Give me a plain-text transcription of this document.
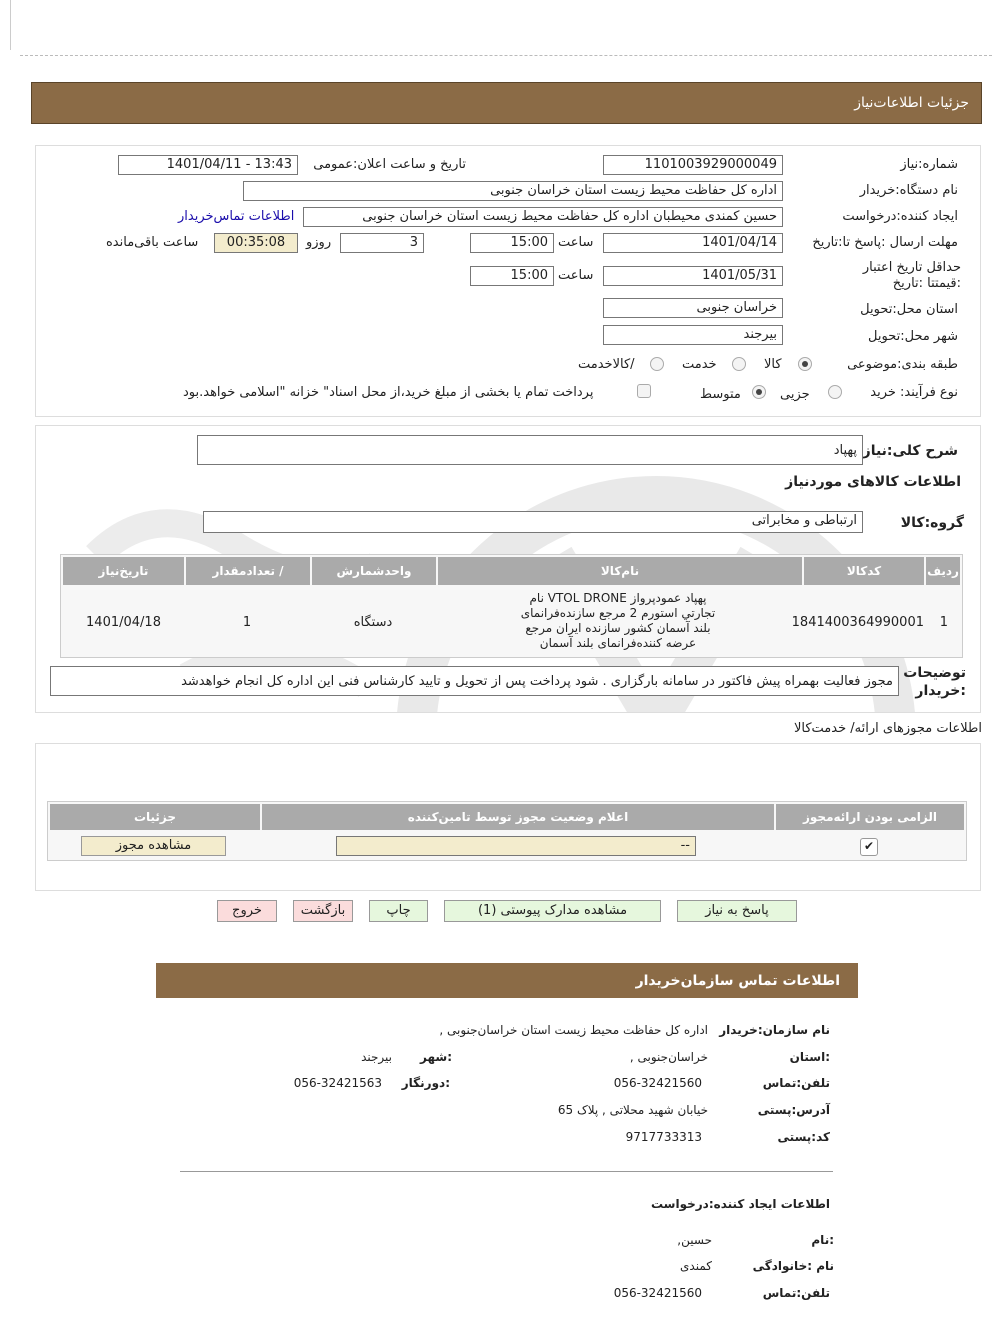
جزئیات اطلاعات‌نیاز
شماره:نیاز
1101003929000049
تاریخ و ساعت اعلان:عمومی
1401/04/11 - 13:43
نام دستگاه:خریدار
اداره کل حفاظت محیط زیست استان خراسان جنوبی
ایجاد کننده:درخواست
حسین کمندی محیطبان اداره کل حفاظت محیط زیست استان خراسان جنوبی
اطلاعات تماس‌خریدار
مهلت ارسال :پاسخ تا:تاریخ
1401/04/14
ساعت
15:00
3
روزو
00:35:08
ساعت باقی‌مانده
حداقل تاریخ اعتبار :قیمتتا :تاریخ
1401/05/31
ساعت
15:00
استان محل:تحویل
خراسان جنوبی
شهر محل:تحویل
بیرجند
طبقه بندی:موضوعی
کالا
خدمت
/کالاخدمت
نوع فرآیند: خرید
جزیی
متوسط
پرداخت تمام یا بخشی از مبلغ خرید،از محل اسناد" خزانه "اسلامی خواهد.بود
شرح کلی:نیاز
پهپاد
اطلاعات کالاهای موردنیاز
گروه:کالا
ارتباطی و مخابراتی
ردیف
کدکالا
نام‌کالا
واحدشمارش
/ تعدادمقدار
تاریخ‌نیاز
1
1841400364990001
پهپاد عمودپرواز VTOL DRONE نام
تجارتي استورم 2 مرجع سازنده‌فرانمای
بلند آسمان کشور سازنده ایران مرجع
عرضه کننده‌فرانمای بلند آسمان
دستگاه
1
1401/04/18
توضیحات :خریدار
مجوز فعالیت بهمراه پیش فاکتور در سامانه بارگزاری . شود پرداخت پس از تحویل و تایید کارشناس فنی این اداره کل انجام خواهدشد
اطلاعات مجوزهای ارائه/ خدمت‌کالا
الزامی بودن ارائه‌مجوز
اعلام وضعیت مجوز توسط تامین‌کننده
جزئیات
✔
--
مشاهده مجوز
پاسخ به نیاز
مشاهده مدارک پیوستی (1)
چاپ
بازگشت
خروج
اطلاعات تماس سازمان‌خریدار
نام سازمان:خریدار
اداره کل حفاظت محیط زیست استان خراسان‌جنوبی ,
:استان
خراسان‌جنوبی ,
:شهر
بیرجند
تلفن:تماس
056-32421560
:دورنگار
056-32421563
آدرس:پستی
خیابان شهید محلاتی , پلاک 65
کد:پستی
9717733313
اطلاعات ایجاد کننده:درخواست
:نام
حسین,
نام :خانوادگی
کمندی
تلفن:تماس
056-32421560
